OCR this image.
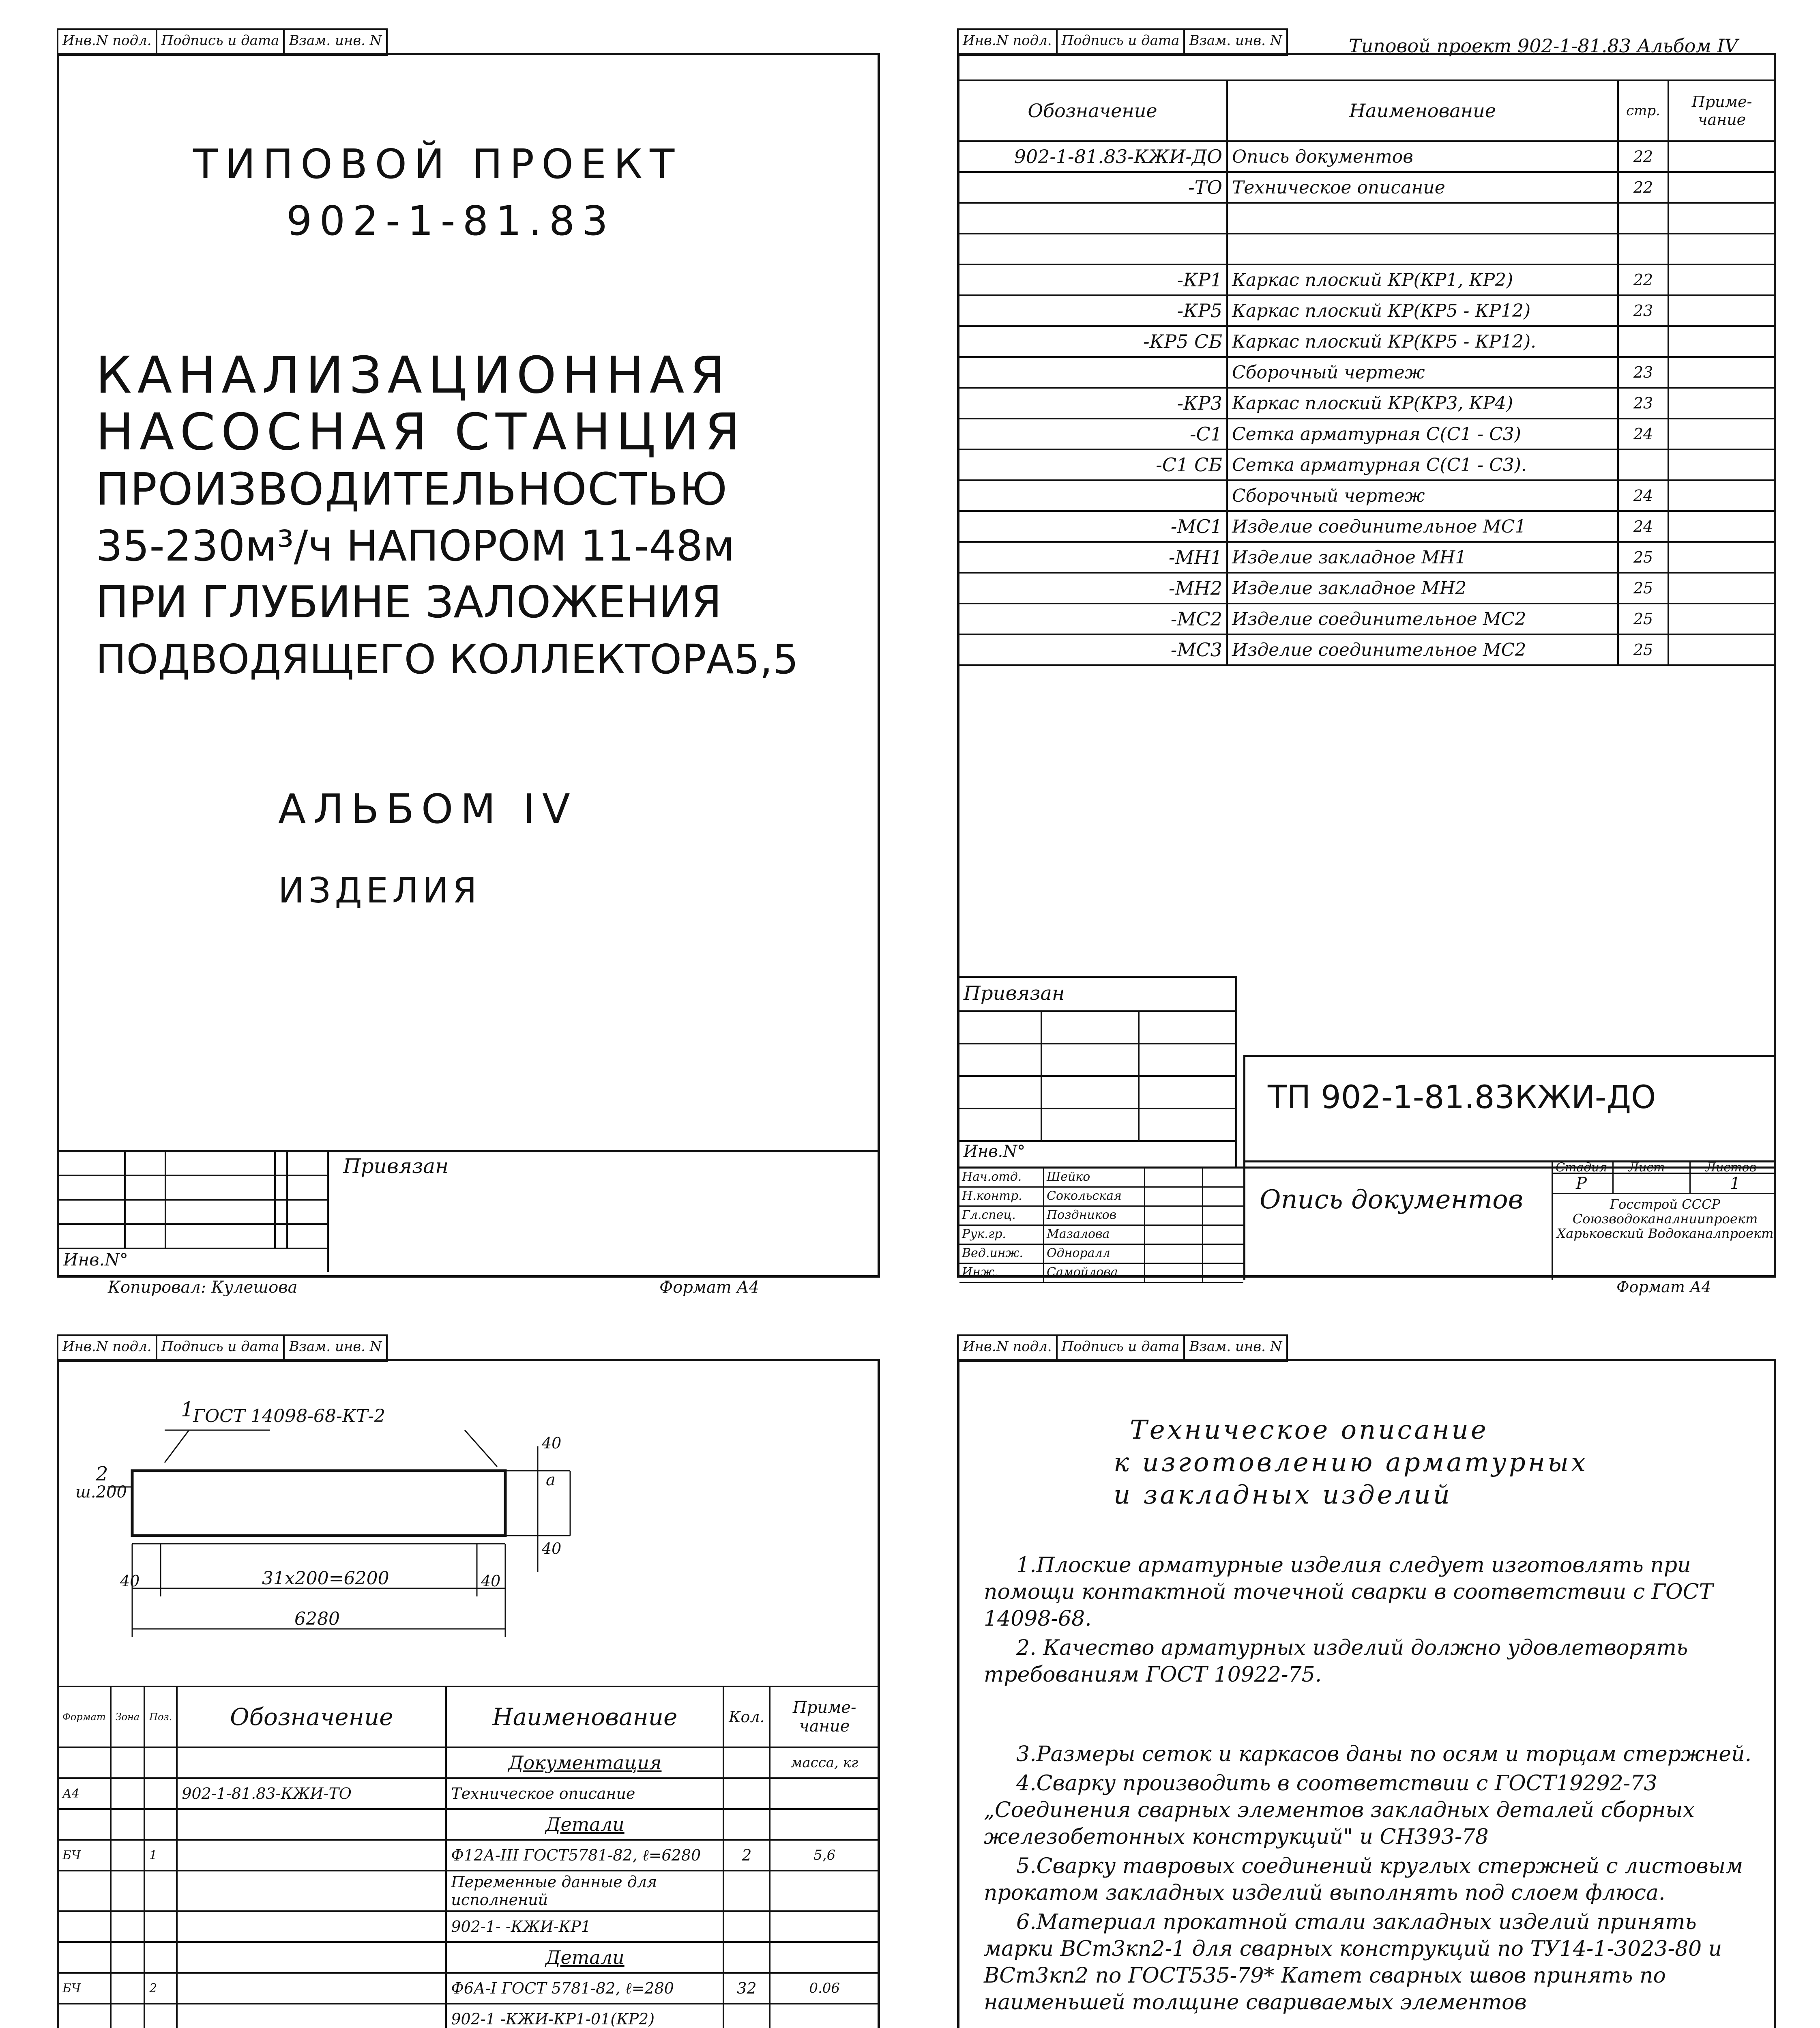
Инв.N подл. Подпись и дата Взам. инв. N
ТИПОВОЙ ПРОЕКТ
902-1-81.83
КАНАЛИЗАЦИОННАЯ
НАСОСНАЯ СТАНЦИЯ
ПРОИЗВОДИТЕЛЬНОСТЬЮ
35-230м³/ч НАПОРОМ 11-48м
ПРИ ГЛУБИНЕ ЗАЛОЖЕНИЯ
ПОДВОДЯЩЕГО КОЛЛЕКТОРА5,5
АЛЬБОМ IV
ИЗДЕЛИЯ
Привязан
Инв.N°
Копировал: Кулешова	Формат А4
Инв.N подл. Подпись и дата Взам. инв. N	Типовой проект 902-1-81.83 Альбом IV
Обозначение	Наименование	стр.	Приме-чание
902-1-81.83-КЖИ-ДО	Опись документов	22	
-ТО	Техническое описание	22	

-КР1	Каркас плоский КР(КР1, КР2)	22	
-КР5	Каркас плоский КР(КР5 - КР12)	23	
-КР5 СБ	Каркас плоский КР(КР5 - КР12).		
	Сборочный чертеж	23	
-КР3	Каркас плоский КР(КР3, КР4)	23	
-С1	Сетка арматурная С(С1 - С3)	24	
-С1 СБ	Сетка арматурная С(С1 - С3).		
	Сборочный чертеж	24	
-МС1	Изделие соединительное МС1	24	
-МН1	Изделие закладное МН1	25	
-МН2	Изделие закладное МН2	25	
-МС2	Изделие соединительное МС2	25	
-МС3	Изделие соединительное МС2	25	
Привязан
Инв.N°
ТП 902-1-81.83КЖИ-ДО
Нач.отд.	Шейко
Н.контр.	Сокольская
Гл.спец.	Поздников
Рук.гр.	Мазалова
Вед.инж.	Одноралл
Инж.	Самойлова
Опись документов
Стадия Лист	Листов
Р	1
Госстрой СССР Союзводоканалниипроект Харьковский Водоканалпроект
Формат А4
Инв.N подл. Подпись и дата Взам. инв. N
ГОСТ 14098-68-КТ-2
1
2
ш.200
40
а
40
40	31х200=6200	40
6280
Формат	Зона	Поз.	Обозначение	Наименование	Кол.	Приме-чание
				Документация		масса, кг
А4			902-1-81.83-КЖИ-ТО	Техническое описание		
				Детали		
БЧ		1		Ф12А-III ГОСТ5781-82, ℓ=6280	2	5,6
				Переменные данные для исполнений		
				902-1- -КЖИ-КР1		
				Детали		
БЧ		2		Ф6А-I ГОСТ 5781-82, ℓ=280	32	0.06
				902-1 -КЖИ-КР1-01(КР2)		

Инв.N подл. Подпись и дата Взам. инв. N
Техническое описание
к изготовлению арматурных
и закладных изделий

1.Плоские арматурные изделия следует изготовлять при помощи контактной точечной сварки в соответствии с ГОСТ 14098-68.

2. Качество арматурных изделий должно удовлетворять требованиям ГОСТ 10922-75.

3.Размеры сеток и каркасов даны по осям и торцам стержней.

4.Сварку производить в соответствии с ГОСТ19292-73 „Соединения сварных элементов закладных деталей сборных железобетонных конструкций" и СН393-78

5.Сварку тавровых соединений круглых стержней с листовым прокатом закладных изделий выполнять под слоем флюса.

6.Материал прокатной стали закладных изделий принять марки ВСт3кп2-1 для сварных конструкций по ТУ14-1-3023-80 и ВСт3кп2 по ГОСТ535-79* Катет сварных швов принять по наименьшей толщине свариваемых элементов
